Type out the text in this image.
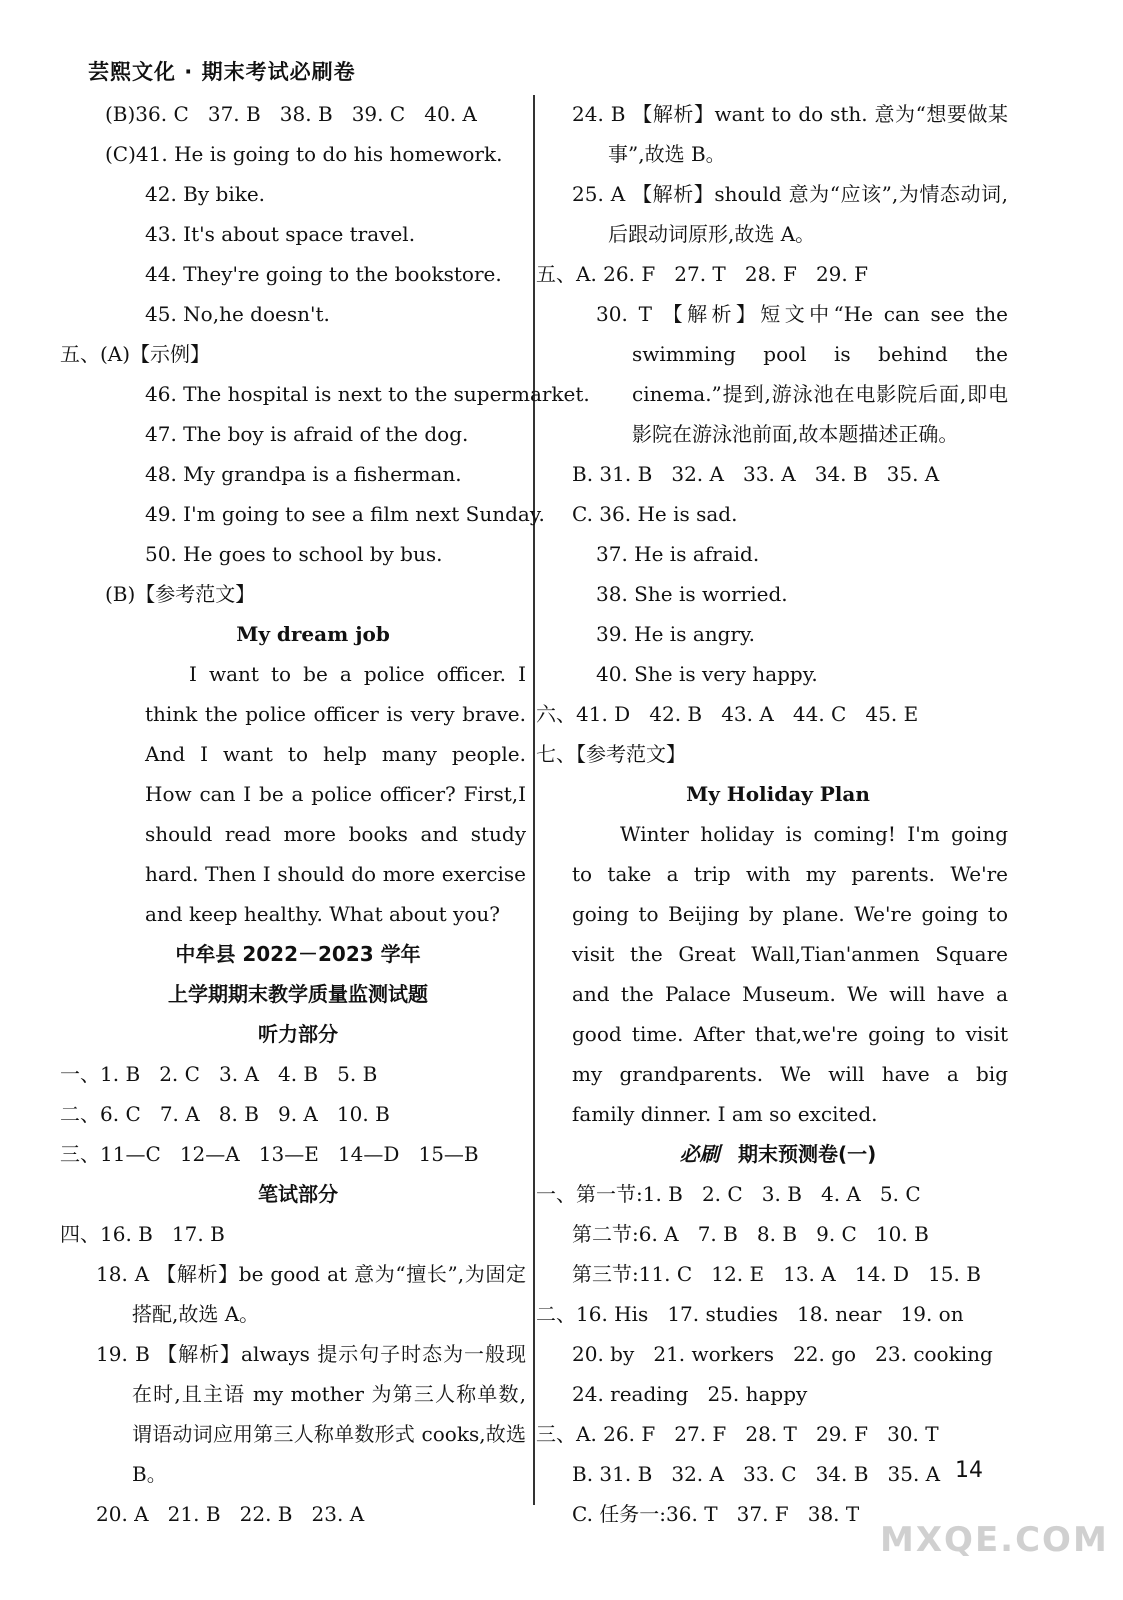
芸熙文化 · 期末考试必刷卷
(B)36. C   37. B   38. B   39. C   40. A
(C)41. He is going to do his homework.
42. By bike.
43. It's about space travel.
44. They're going to the bookstore.
45. No,he doesn't.
五、(A)【示例】
46. The hospital is next to the supermarket.
47. The boy is afraid of the dog.
48. My grandpa is a fisherman.
49. I'm going to see a film next Sunday.
50. He goes to school by bus.
(B)【参考范文】
My dream job
I want to be a police officer. I think the police officer is very brave. And I want to help many people. How can I be a police officer? First,I should read more books and study hard. Then I should do more exercise and keep healthy. What about you?
中牟县 2022－2023 学年
上学期期末教学质量监测试题
听力部分
一、1. B   2. C   3. A   4. B   5. B
二、6. C   7. A   8. B   9. A   10. B
三、11—C   12—A   13—E   14—D   15—B
笔试部分
四、16. B   17. B
18. A 【解析】be good at 意为“擅长”,为固定搭配,故选 A。
19. B 【解析】always 提示句子时态为一般现在时,且主语 my mother 为第三人称单数,谓语动词应用第三人称单数形式 cooks,故选 B。
20. A   21. B   22. B   23. A
24. B 【解析】want to do sth. 意为“想要做某事”,故选 B。
25. A 【解析】should 意为“应该”,为情态动词,后跟动词原形,故选 A。
五、A. 26. F   27. T   28. F   29. F
30. T 【解析】短文中“He can see the swimming pool is behind the cinema.”提到,游泳池在电影院后面,即电影院在游泳池前面,故本题描述正确。
B. 31. B   32. A   33. A   34. B   35. A
C. 36. He is sad.
37. He is afraid.
38. She is worried.
39. He is angry.
40. She is very happy.
六、41. D   42. B   43. A   44. C   45. E
七、【参考范文】
My Holiday Plan
Winter holiday is coming! I'm going to take a trip with my parents. We're going to Beijing by plane. We're going to visit the Great Wall,Tian'anmen Square and the Palace Museum. We will have a good time. After that,we're going to visit my grandparents. We will have a big family dinner. I am so excited.
必刷 期末预测卷(一)
一、第一节:1. B   2. C   3. B   4. A   5. C
第二节:6. A   7. B   8. B   9. C   10. B
第三节:11. C   12. E   13. A   14. D   15. B
二、16. His   17. studies   18. near   19. on
20. by   21. workers   22. go   23. cooking
24. reading   25. happy
三、A. 26. F   27. F   28. T   29. F   30. T
B. 31. B   32. A   33. C   34. B   35. A
C. 任务一:36. T   37. F   38. T
14
MXQE.COM
